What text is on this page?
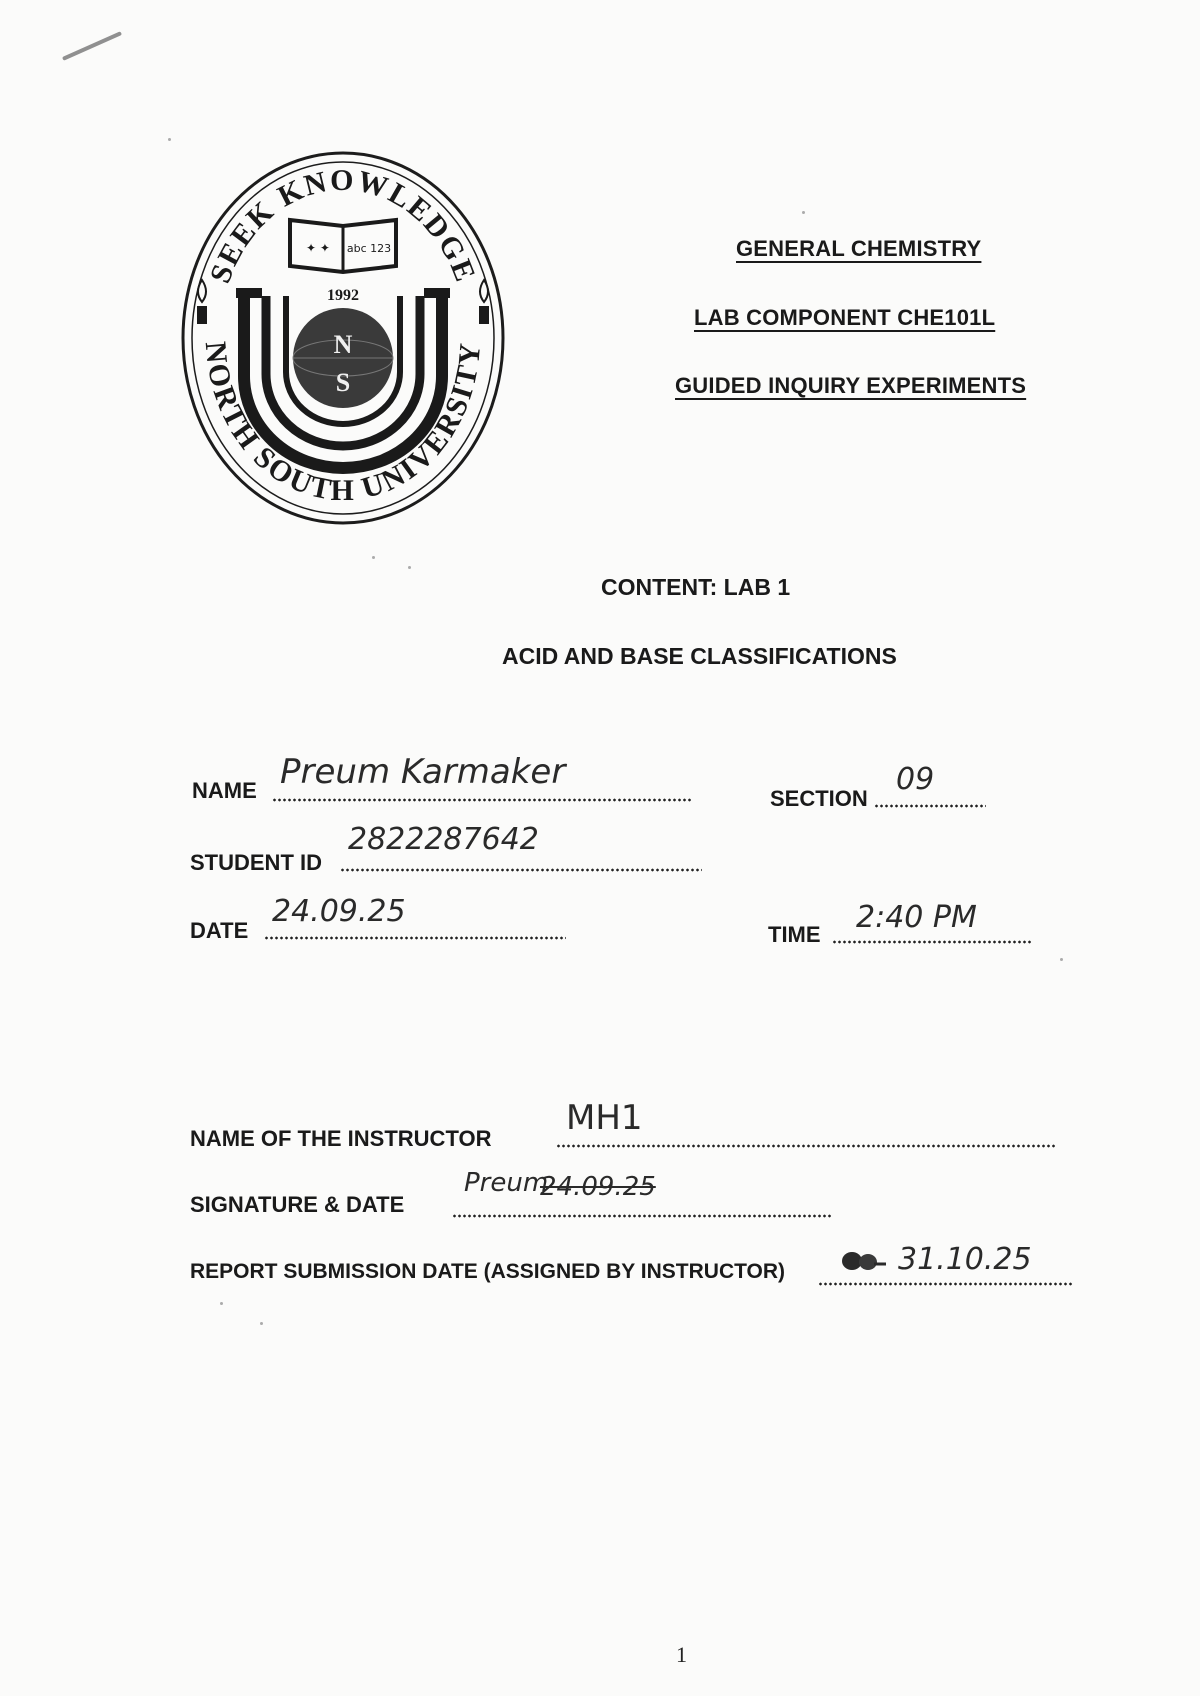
SEEK KNOWLEDGE
NORTH SOUTH UNIVERSITY
✦ ✦ abc 123
1992
N
S
GENERAL CHEMISTRY
LAB COMPONENT CHE101L
GUIDED INQUIRY EXPERIMENTS
CONTENT: LAB 1
ACID AND BASE CLASSIFICATIONS
NAME Preum Karmaker
SECTION
09
STUDENT ID
2822287642
DATE
24.09.25
TIME 2:40 PM
NAME OF THE INSTRUCTOR
MH1
SIGNATURE & DATE
Preum
24.09.25
REPORT SUBMISSION DATE (ASSIGNED BY INSTRUCTOR)	31.10.25
1
